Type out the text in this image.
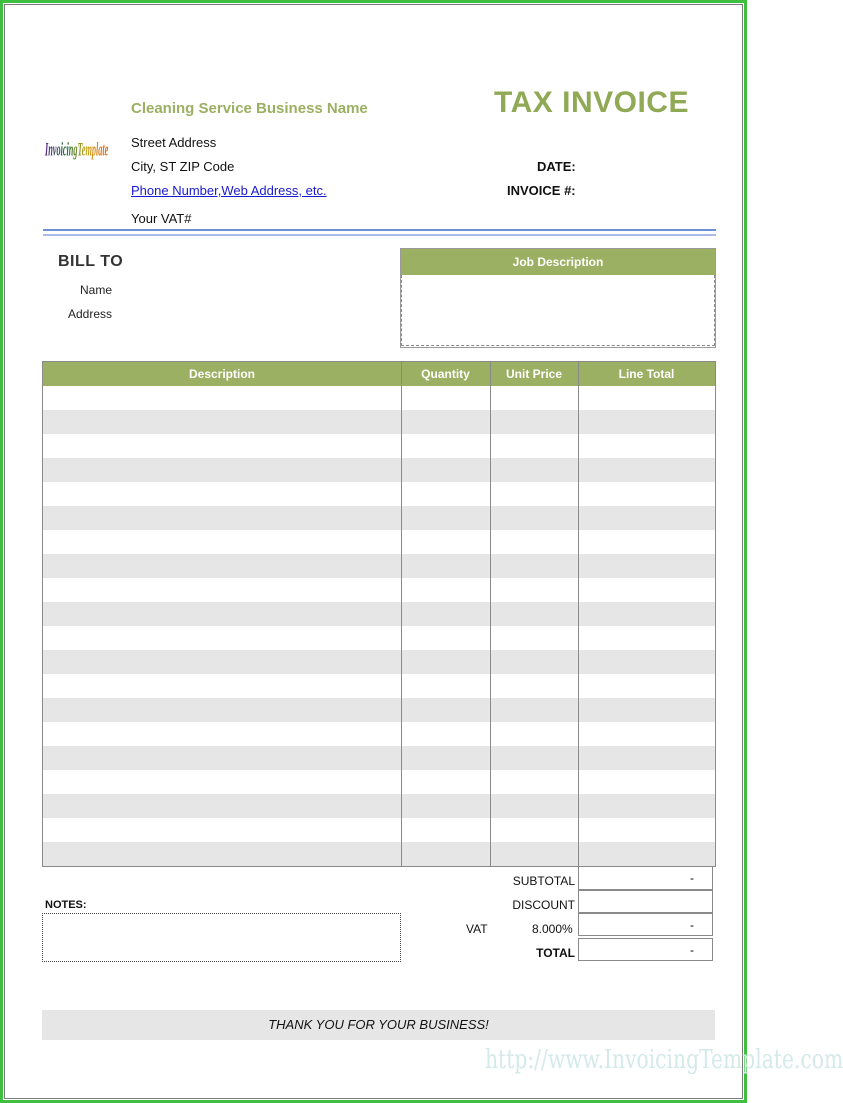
InvoicingTemplate
Cleaning Service Business Name	TAX INVOICE
Street Address
City, ST ZIP Code
Phone Number,Web Address, etc.
Your VAT#
DATE:
INVOICE #:
BILL TO
Name
Address
Job Description
Description	Quantity	Unit Price	Line Total
SUBTOTAL	-
DISCOUNT
VAT	8.000%	-
TOTAL	-
NOTES:
THANK YOU FOR YOUR BUSINESS!
http://www.InvoicingTemplate.com
